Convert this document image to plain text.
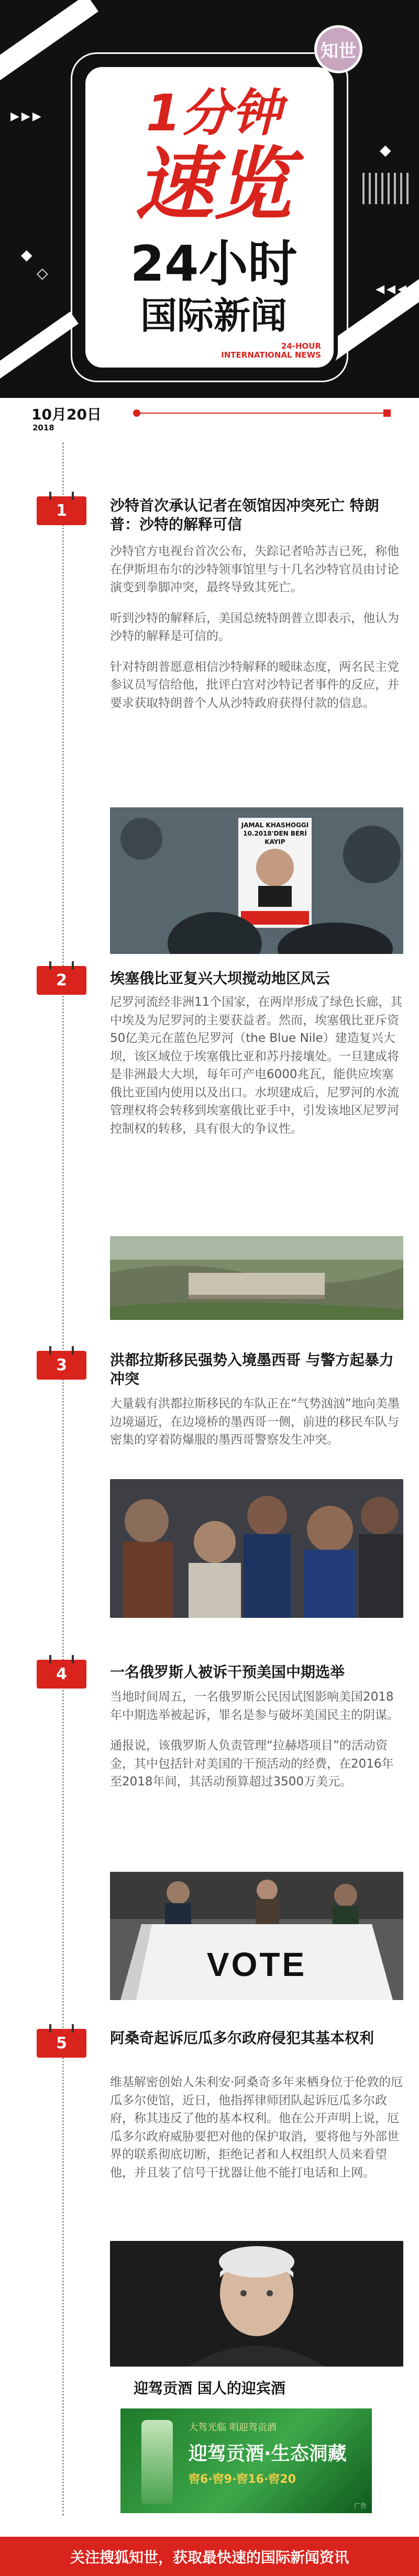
▶▶▶
◀◀◀
◆
◇
◆
1分钟
速览
24小时
国际新闻
24-HOUR
INTERNATIONAL NEWS
知世
10月20日
2018
1	沙特首次承认记者在领馆因冲突死亡 特朗普：沙特的解释可信

沙特官方电视台首次公布，失踪记者哈苏吉已死，称他在伊斯坦布尔的沙特领事馆里与十几名沙特官员由讨论演变到拳脚冲突，最终导致其死亡。

听到沙特的解释后，美国总统特朗普立即表示，他认为沙特的解释是可信的。

针对特朗普愿意相信沙特解释的暧昧态度，两名民主党参议员写信给他，批评白宫对沙特记者事件的反应，并要求获取特朗普个人从沙特政府获得付款的信息。

JAMAL KHASHOGGI 10.2018'DEN BERİ KAYIP
2	埃塞俄比亚复兴大坝搅动地区风云

尼罗河流经非洲11个国家，在两岸形成了绿色长廊，其中埃及为尼罗河的主要获益者。然而，埃塞俄比亚斥资50亿美元在蓝色尼罗河（the Blue Nile）建造复兴大坝，该区域位于埃塞俄比亚和苏丹接壤处。一旦建成将是非洲最大大坝，每年可产电6000兆瓦，能供应埃塞俄比亚国内使用以及出口。水坝建成后，尼罗河的水流管理权将会转移到埃塞俄比亚手中，引发该地区尼罗河控制权的转移，具有很大的争议性。

3	洪都拉斯移民强势入境墨西哥 与警方起暴力冲突

大量载有洪都拉斯移民的车队正在“气势汹汹”地向美墨边境逼近，在边境桥的墨西哥一侧，前进的移民车队与密集的穿着防爆服的墨西哥警察发生冲突。

4	一名俄罗斯人被诉干预美国中期选举

当地时间周五，一名俄罗斯公民因试图影响美国2018年中期选举被起诉，罪名是参与破坏美国民主的阴谋。

通报说，该俄罗斯人负责管理“拉赫塔项目”的活动资金，其中包括针对美国的干预活动的经费，在2016年至2018年间，其活动预算超过3500万美元。

VOTE
5	阿桑奇起诉厄瓜多尔政府侵犯其基本权利

维基解密创始人朱利安·阿桑奇多年来栖身位于伦敦的厄瓜多尔使馆，近日，他指挥律师团队起诉厄瓜多尔政府，称其违反了他的基本权利。他在公开声明上说，厄瓜多尔政府威胁要把对他的保护取消，要将他与外部世界的联系彻底切断，拒绝记者和人权组织人员来看望他，并且装了信号干扰器让他不能打电话和上网。

迎驾贡酒 国人的迎宾酒
大驾光临 唱迎驾贡酒
迎驾贡酒·生态洞藏
窖6·窖9·窖16·窖20
广告
关注搜狐知世，获取最快速的国际新闻资讯
